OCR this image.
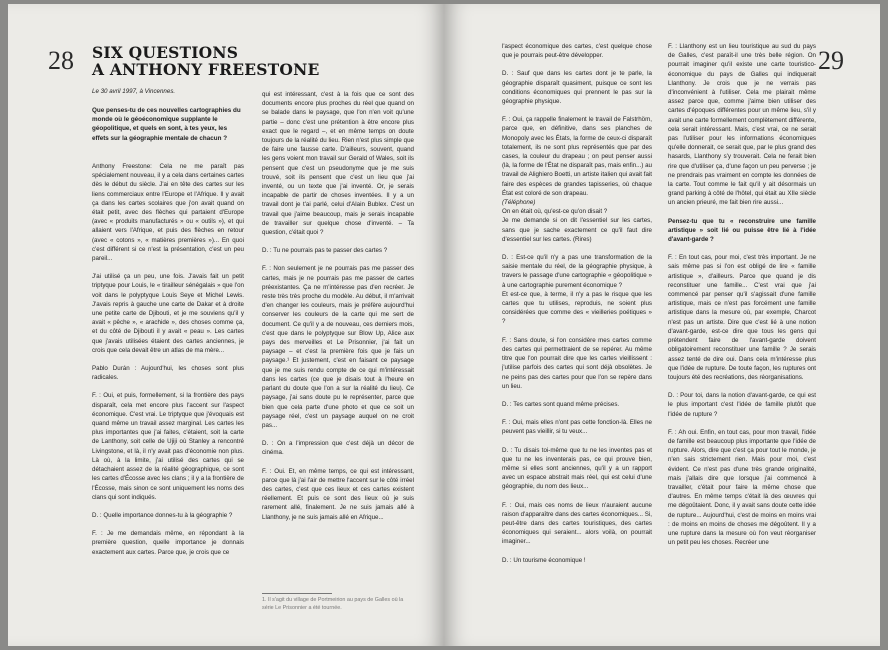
28 SIX QUESTIONS
A ANTHONY FREESTONE
Le 30 avril 1997, à Vincennes.
Que penses-tu de ces nouvelles cartographies du monde où le géoéconomique supplante le géopolitique, et quels en sont, à tes yeux, les effets sur la géographie mentale de chacun ?

Anthony Freestone: Cela ne me paraît pas spécialement nouveau, il y a cela dans certaines cartes dès le début du siècle. J'ai en tête des cartes sur les liens commerciaux entre l'Europe et l'Afrique. Il y avait ça dans les cartes scolaires que j'on avait quand on était petit, avec des flèches qui partaient d'Europe (avec « produits manufacturés » ou « outils »), et qui allaient vers l'Afrique, et puis des flèches en retour (avec « cotons », « matières premières »)... En quoi c'est différent si ce n'est la présentation, c'est un peu pareil...

J'ai utilisé ça un peu, une fois. J'avais fait un petit triptyque pour Louis, le « tirailleur sénégalais » que l'on voit dans le polyptyque Louis Seye et Michel Lewis. J'avais repris à gauche une carte de Dakar et à droite une petite carte de Djibouti, et je me souviens qu'il y avait « pêche », « arachide », des choses comme ça, et du côté de Djibouti il y avait « peau ». Les cartes que j'avais utilisées étaient des cartes anciennes, je crois que cela devait être un atlas de ma mère...

Pablo Durán : Aujourd'hui, les choses sont plus radicales.

F. : Oui, et puis, formellement, si la frontière des pays disparaît, cela met encore plus l'accent sur l'aspect économique. C'est vrai. Le triptyque que j'évoquais est quand même un travail assez marginal. Les cartes les plus importantes que j'ai faites, c'étaient, soit la carte de Lanthony, soit celle de Ujiji où Stanley a rencontré Livingstone, et là, il n'y avait pas d'économie non plus. Là où, à la limite, j'ai utilisé des cartes qui se détachaient assez de la réalité géographique, ce sont les cartes d'Écosse avec les clans ; il y a la frontière de l'Écosse, mais sinon ce sont uniquement les noms des clans qui sont indiqués.

D. : Quelle importance donnes-tu à la géographie ?

F. : Je me demandais même, en répondant à la première question, quelle importance je donnais exactement aux cartes. Parce que, je crois que ce

qui est intéressant, c'est à la fois que ce sont des documents encore plus proches du réel que quand on se balade dans le paysage, que l'on n'en voit qu'une partie – donc c'est une prétention à être encore plus exact que le regard –, et en même temps on doute toujours de la réalité du lieu. Rien n'est plus simple que de faire une fausse carte. D'ailleurs, souvent, quand les gens voient mon travail sur Gerald of Wales, soit ils pensent que c'est un pseudonyme que je me suis trouvé, soit ils pensent que c'est un lieu que j'ai inventé, ou un texte que j'ai inventé. Or, je serais incapable de partir de choses inventées. Il y a un travail dont je t'ai parlé, celui d'Alain Bublex. C'est un travail que j'aime beaucoup, mais je serais incapable de travailler sur quelque chose d'inventé. – Ta question, c'était quoi ?

D. : Tu ne pourrais pas te passer des cartes ?

F. : Non seulement je ne pourrais pas me passer des cartes, mais je ne pourrais pas me passer de cartes préexistantes. Ça ne m'intéresse pas d'en recréer. Je reste très très proche du modèle. Au début, il m'arrivait d'en changer les couleurs, mais je préfère aujourd'hui conserver les couleurs de la carte qui me sert de document. Ce qu'il y a de nouveau, ces derniers mois, c'est que dans le polyptyque sur Blow Up, Alice aux pays des merveilles et Le Prisonnier, j'ai fait un paysage – et c'est la première fois que je fais un paysage.¹ Et justement, c'est en faisant ce paysage que je me suis rendu compte de ce qui m'intéressait dans les cartes (ce que je disais tout à l'heure en parlant du doute que l'on a sur la réalité du lieu). Ce paysage, j'ai sans doute pu le représenter, parce que bien que cela parte d'une photo et que ce soit un paysage réel, c'est un paysage auquel on ne croit pas...

D. : On a l'impression que c'est déjà un décor de cinéma.

F. : Oui. Et, en même temps, ce qui est intéressant, parce que là j'ai l'air de mettre l'accent sur le côté irréel des cartes, c'est que ces lieux et ces cartes existent réellement. Et puis ce sont des lieux où je suis rarement allé, finalement. Je ne suis jamais allé à Llanthony, je ne suis jamais allé en Afrique...

1. Il s'agit du village de Portmeirion au pays de Galles où la série Le Prisonnier a été tournée.
29

l'aspect économique des cartes, c'est quelque chose que je pourrais peut-être développer.

D. : Sauf que dans les cartes dont je te parle, la géographie disparaît quasiment, puisque ce sont les conditions économiques qui prennent le pas sur la géographie physique.

F. : Oui, ça rappelle finalement le travail de Falstrhöm, parce que, en définitive, dans ses planches de Monopoly avec les États, la forme de ceux-ci disparaît totalement, ils ne sont plus représentés que par des cases, la couleur du drapeau ; on peut penser aussi (là, la forme de l'État ne disparaît pas, mais enfin...) au travail de Alighiero Boetti, un artiste italien qui avait fait faire des espèces de grandes tapisseries, où chaque État est coloré de son drapeau.

(Téléphone)

On en était où, qu'est-ce qu'on disait ?

Je me demande si on dit l'essentiel sur les cartes, sans que je sache exactement ce qu'il faut dire d'essentiel sur les cartes. (Rires)

D. : Est-ce qu'il n'y a pas une transformation de la saisie mentale du réel, de la géographie physique, à travers le passage d'une cartographie « géopolitique » à une cartographie purement économique ?

Et est-ce que, à terme, il n'y a pas le risque que les cartes que tu utilises, reproduis, ne soient plus considérées que comme des « vieilleries poétiques » ?

F. : Sans doute, si l'on considère mes cartes comme des cartes qui permettraient de se repérer. Au même titre que l'on pourrait dire que les cartes vieillissent : j'utilise parfois des cartes qui sont déjà obsolètes. Je ne peins pas des cartes pour que l'on se repère dans un lieu.

D. : Tes cartes sont quand même précises.

F. : Oui, mais elles n'ont pas cette fonction-là. Elles ne peuvent pas vieillir, si tu veux...

D. : Tu disais toi-même que tu ne les inventes pas et que tu ne les inventerais pas, ce qui prouve bien, même si elles sont anciennes, qu'il y a un rapport avec un espace abstrait mais réel, qui est celui d'une géographie, du nom des lieux...

F. : Oui, mais ces noms de lieux n'auraient aucune raison d'apparaître dans des cartes économiques... Si, peut-être dans des cartes touristiques, des cartes économiques qui seraient... alors voilà, on pourrait imaginer...

D. : Un tourisme économique !

F. : Llanthony est un lieu touristique au sud du pays de Galles, c'est paraît-il une très belle région. On pourrait imaginer qu'il existe une carte touristico-économique du pays de Galles qui indiquerait Llanthony. Je crois que je ne verrais pas d'inconvénient à l'utiliser. Cela me plairait même assez parce que, comme j'aime bien utiliser des cartes d'époques différentes pour un même lieu, s'il y avait une carte formellement complètement différente, cela serait intéressant. Mais, c'est vrai, ce ne serait pas l'utiliser pour les informations économiques qu'elle donnerait, ce serait que, par le plus grand des hasards, Llanthony s'y trouverait. Cela ne ferait bien rire que d'utiliser ça, d'une façon un peu perverse ; je ne prendrais pas vraiment en compte les données de la carte. Tout comme le fait qu'il y ait désormais un grand parking à côté de l'hôtel, qui était au XIIe siècle un ancien prieuré, me fait bien rire aussi...

Pensez-tu que tu « reconstruire une famille artistique » soit lié ou puisse être lié à l'idée d'avant-garde ?

F. : En tout cas, pour moi, c'est très important. Je ne sais même pas si l'on est obligé de lire « famille artistique », d'ailleurs. Parce que quand je dis reconstituer une famille... C'est vrai que j'ai commencé par penser qu'il s'agissait d'une famille artistique, mais ce n'est pas forcément une famille artistique dans la mesure où, par exemple, Charcot n'est pas un artiste. Dire que c'est lié à une notion d'avant-garde, est-ce dire que tous les gens qui prétendent faire de l'avant-garde doivent obligatoirement reconstituer une famille ? Je serais assez tenté de dire oui. Dans cela m'intéresse plus que l'idée de rupture. De toute façon, les ruptures ont toujours été des recréations, des réorganisations.

D. : Pour toi, dans la notion d'avant-garde, ce qui est le plus important c'est l'idée de famille plutôt que l'idée de rupture ?

F. : Ah oui. Enfin, en tout cas, pour mon travail, l'idée de famille est beaucoup plus importante que l'idée de rupture. Alors, dire que c'est ça pour tout le monde, je n'en sais strictement rien. Mais pour moi, c'est évident. Ce n'est pas d'une très grande originalité, mais j'allais dire que lorsque j'ai commencé à travailler, c'était pour faire la même chose que d'autres. En même temps c'était là des œuvres qui me dégoûtaient. Donc, il y avait sans doute cette idée de rupture... Aujourd'hui, c'est de moins en moins vrai : de moins en moins de choses me dégoûtent. Il y a une rupture dans la mesure où l'on veut réorganiser un petit peu les choses. Recréer une
